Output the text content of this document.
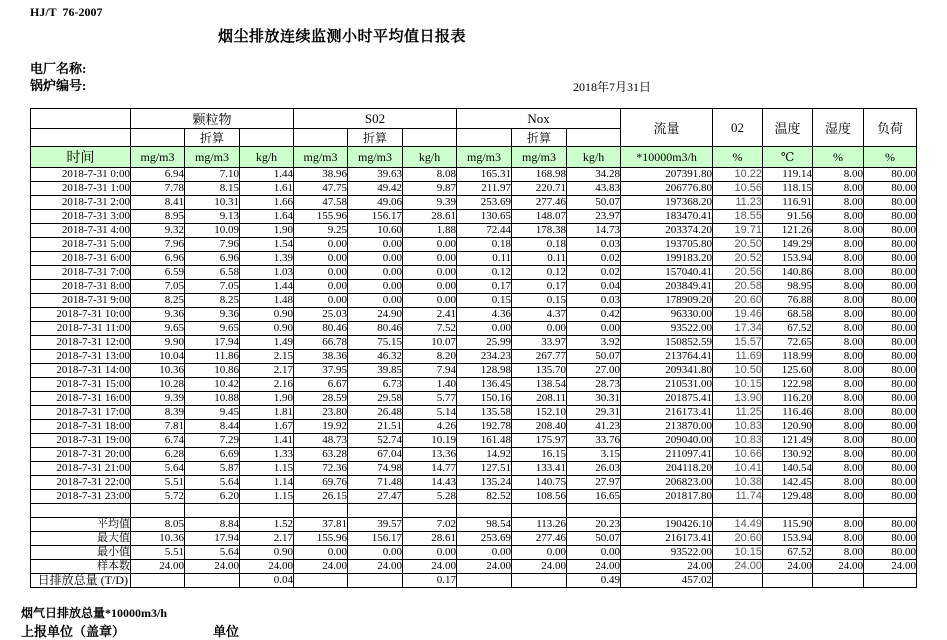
HJ/T  76-2007
烟尘排放连续监测小时平均值日报表
电厂名称:
锅炉编号:	2018年7月31日
	颗粒物			S02			Nox			流量	02	温度	湿度	负荷
		折算			折算			折算						
时间	mg/m3	mg/m3	kg/h	mg/m3	mg/m3	kg/h	mg/m3	mg/m3	kg/h	*10000m3/h	%	℃	%	%
2018-7-31 0:00	6.94	7.10	1.44	38.96	39.63	8.08	165.31	168.98	34.28	207391.80	10.22	119.14	8.00	80.00
2018-7-31 1:00	7.78	8.15	1.61	47.75	49.42	9.87	211.97	220.71	43.83	206776.80	10.56	118.15	8.00	80.00
2018-7-31 2:00	8.41	10.31	1.66	47.58	49.06	9.39	253.69	277.46	50.07	197368.20	11.23	116.91	8.00	80.00
2018-7-31 3:00	8.95	9.13	1.64	155.96	156.17	28.61	130.65	148.07	23.97	183470.41	18.55	91.56	8.00	80.00
2018-7-31 4:00	9.32	10.09	1.90	9.25	10.60	1.88	72.44	178.38	14.73	203374.20	19.71	121.26	8.00	80.00
2018-7-31 5:00	7.96	7.96	1.54	0.00	0.00	0.00	0.18	0.18	0.03	193705.80	20.50	149.29	8.00	80.00
2018-7-31 6:00	6.96	6.96	1.39	0.00	0.00	0.00	0.11	0.11	0.02	199183.20	20.52	153.94	8.00	80.00
2018-7-31 7:00	6.59	6.58	1.03	0.00	0.00	0.00	0.12	0.12	0.02	157040.41	20.56	140.86	8.00	80.00
2018-7-31 8:00	7.05	7.05	1.44	0.00	0.00	0.00	0.17	0.17	0.04	203849.41	20.58	98.95	8.00	80.00
2018-7-31 9:00	8.25	8.25	1.48	0.00	0.00	0.00	0.15	0.15	0.03	178909.20	20.60	76.88	8.00	80.00
2018-7-31 10:00	9.36	9.36	0.90	25.03	24.90	2.41	4.36	4.37	0.42	96330.00	19.46	68.58	8.00	80.00
2018-7-31 11:00	9.65	9.65	0.90	80.46	80.46	7.52	0.00	0.00	0.00	93522.00	17.34	67.52	8.00	80.00
2018-7-31 12:00	9.90	17.94	1.49	66.78	75.15	10.07	25.99	33.97	3.92	150852.59	15.57	72.65	8.00	80.00
2018-7-31 13:00	10.04	11.86	2.15	38.36	46.32	8.20	234.23	267.77	50.07	213764.41	11.69	118.99	8.00	80.00
2018-7-31 14:00	10.36	10.86	2.17	37.95	39.85	7.94	128.98	135.70	27.00	209341.80	10.50	125.60	8.00	80.00
2018-7-31 15:00	10.28	10.42	2.16	6.67	6.73	1.40	136.45	138.54	28.73	210531.00	10.15	122.98	8.00	80.00
2018-7-31 16:00	9.39	10.88	1.90	28.59	29.58	5.77	150.16	208.11	30.31	201875.41	13.90	116.20	8.00	80.00
2018-7-31 17:00	8.39	9.45	1.81	23.80	26.48	5.14	135.58	152.10	29.31	216173.41	11.25	116.46	8.00	80.00
2018-7-31 18:00	7.81	8.44	1.67	19.92	21.51	4.26	192.78	208.40	41.23	213870.00	10.83	120.90	8.00	80.00
2018-7-31 19:00	6.74	7.29	1.41	48.73	52.74	10.19	161.48	175.97	33.76	209040.00	10.83	121.49	8.00	80.00
2018-7-31 20:00	6.28	6.69	1.33	63.28	67.04	13.36	14.92	16.15	3.15	211097.41	10.66	130.92	8.00	80.00
2018-7-31 21:00	5.64	5.87	1.15	72.36	74.98	14.77	127.51	133.41	26.03	204118.20	10.41	140.54	8.00	80.00
2018-7-31 22:00	5.51	5.64	1.14	69.76	71.48	14.43	135.24	140.75	27.97	206823.00	10.38	142.45	8.00	80.00
2018-7-31 23:00	5.72	6.20	1.15	26.15	27.47	5.28	82.52	108.56	16.65	201817.80	11.74	129.48	8.00	80.00

平均值	8.05	8.84	1.52	37.81	39.57	7.02	98.54	113.26	20.23	190426.10	14.49	115.90	8.00	80.00
最大值	10.36	17.94	2.17	155.96	156.17	28.61	253.69	277.46	50.07	216173.41	20.60	153.94	8.00	80.00
最小值	5.51	5.64	0.90	0.00	0.00	0.00	0.00	0.00	0.00	93522.00	10.15	67.52	8.00	80.00
样本数	24.00	24.00	24.00	24.00	24.00	24.00	24.00	24.00	24.00	24.00	24.00	24.00	24.00	24.00

日排放总量 (T/D)			0.04			0.17			0.49	457.02				
烟气日排放总量*10000m3/h
上报单位（盖章）	单位
